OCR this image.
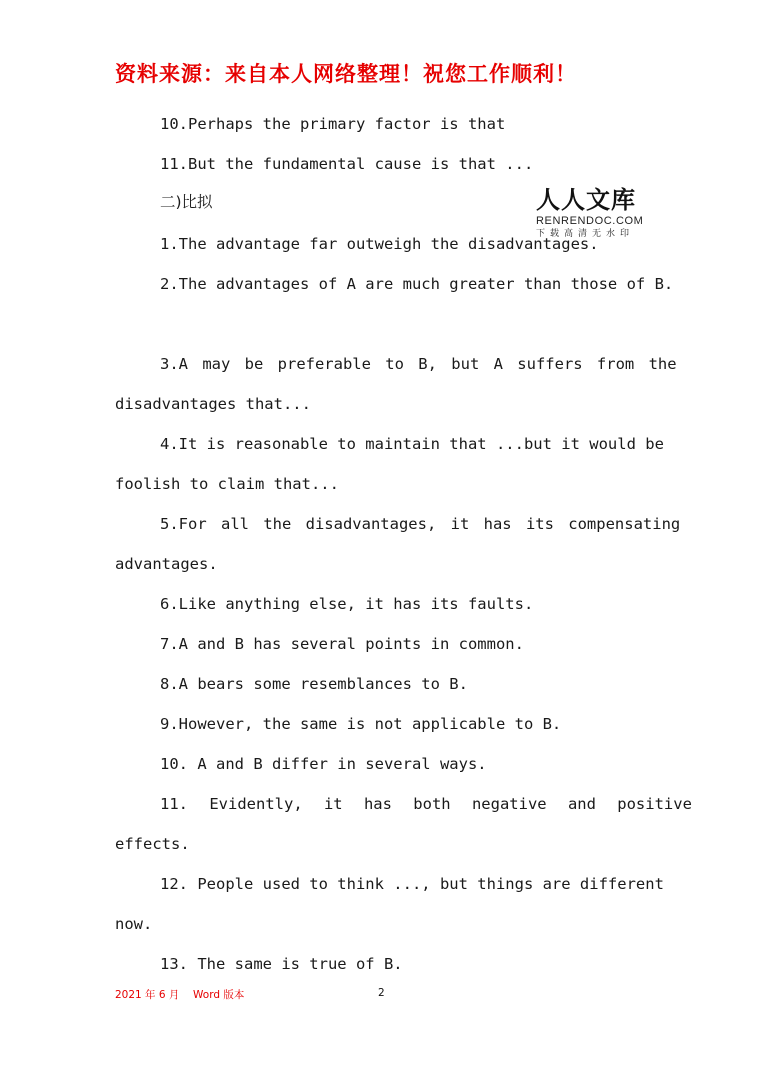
资料来源：来自本人网络整理！祝您工作顺利！
10.Perhaps the primary factor is that
11.But the fundamental cause is that ...
二)比拟	人人文库
RENRENDOC.COM
下载高清无水印
1.The advantage far outweigh the disadvantages.
2.The advantages of A are much greater than those of B.
3.A may be preferable to B, but A suffers from the
disadvantages that...
4.It is reasonable to maintain that ...but it would be
foolish to claim that...
5.For all the disadvantages, it has its compensating
advantages.
6.Like anything else, it has its faults.
7.A and B has several points in common.
8.A bears some resemblances to B.
9.However, the same is not applicable to B.
10. A and B differ in several ways.
11. Evidently, it has both negative and positive
effects.
12. People used to think ..., but things are different
now.
13. The same is true of B.
2021 年 6 月 Word 版本	2
